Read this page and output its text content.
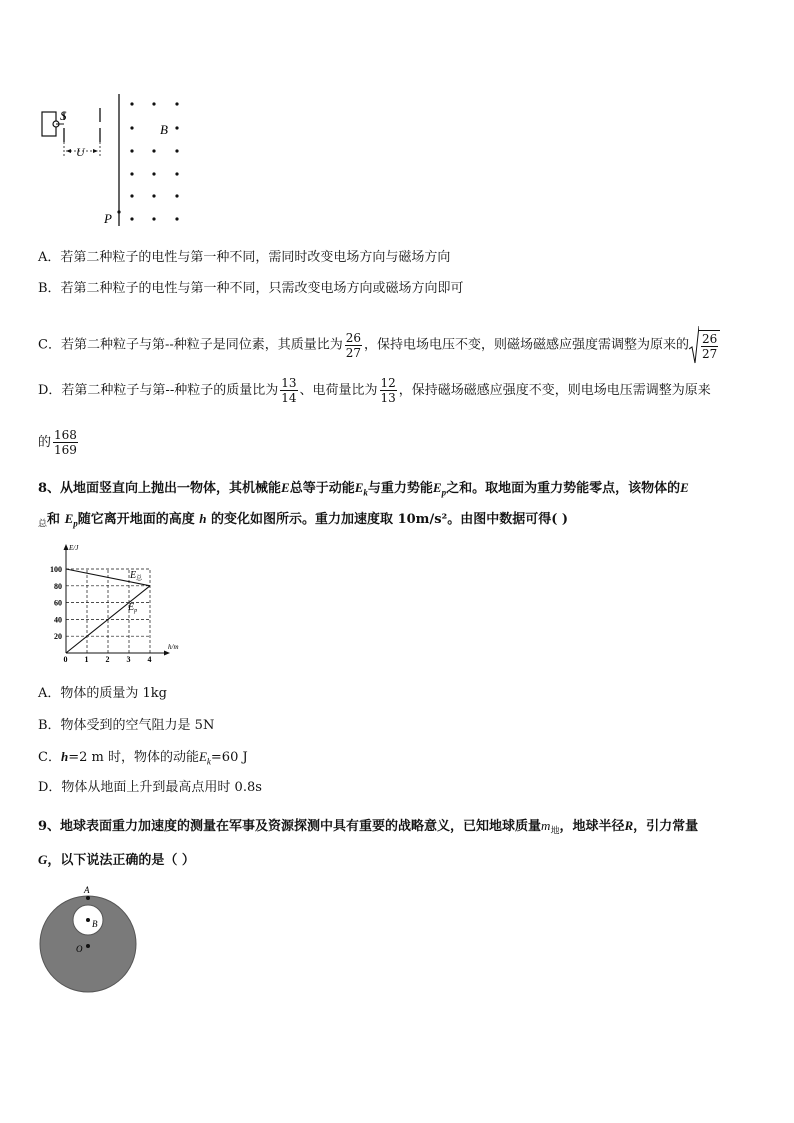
S
U
B
P
A．若第二种粒子的电性与第一种不同，需同时改变电场方向与磁场方向
B．若第二种粒子的电性与第一种不同，只需改变电场方向或磁场方向即可
C．若第二种粒子与第--种粒子是同位素，其质量比为 $\frac{26}{27}$ ，保持电场电压不变，则磁场磁感应强度需调整为原来的 $\frac{26}{27}$
D．若第二种粒子与第--种粒子的质量比为 $\frac{13}{14}$ 、电荷量比为 $\frac{12}{13}$ ，保持磁场磁感应强度不变，则电场电压需调整为原来
的 $\frac{168}{169}$
8、从地面竖直向上抛出一物体，其机械能E总等于动能$E_k$与重力势能$E_p$之和。取地面为重力势能零点，该物体的E
$_总$和 $E_p$随它离开地面的高度 h 的变化如图所示。重力加速度取 10m/s²。由图中数据可得( )
0 1 2 3 4
20
40
60
80
100
E/J
h/m
$E_总$
$E_p$
A．物体的质量为 1kg
B．物体受到的空气阻力是 5N
C．h=2 m 时，物体的动能$E_k=60$ J
D．物体从地面上升到最高点用时 0.8s
9、地球表面重力加速度的测量在军事及资源探测中具有重要的战略意义，已知地球质量$m_地$，地球半径R，引力常量
G，以下说法正确的是（ ）
A
B
O
